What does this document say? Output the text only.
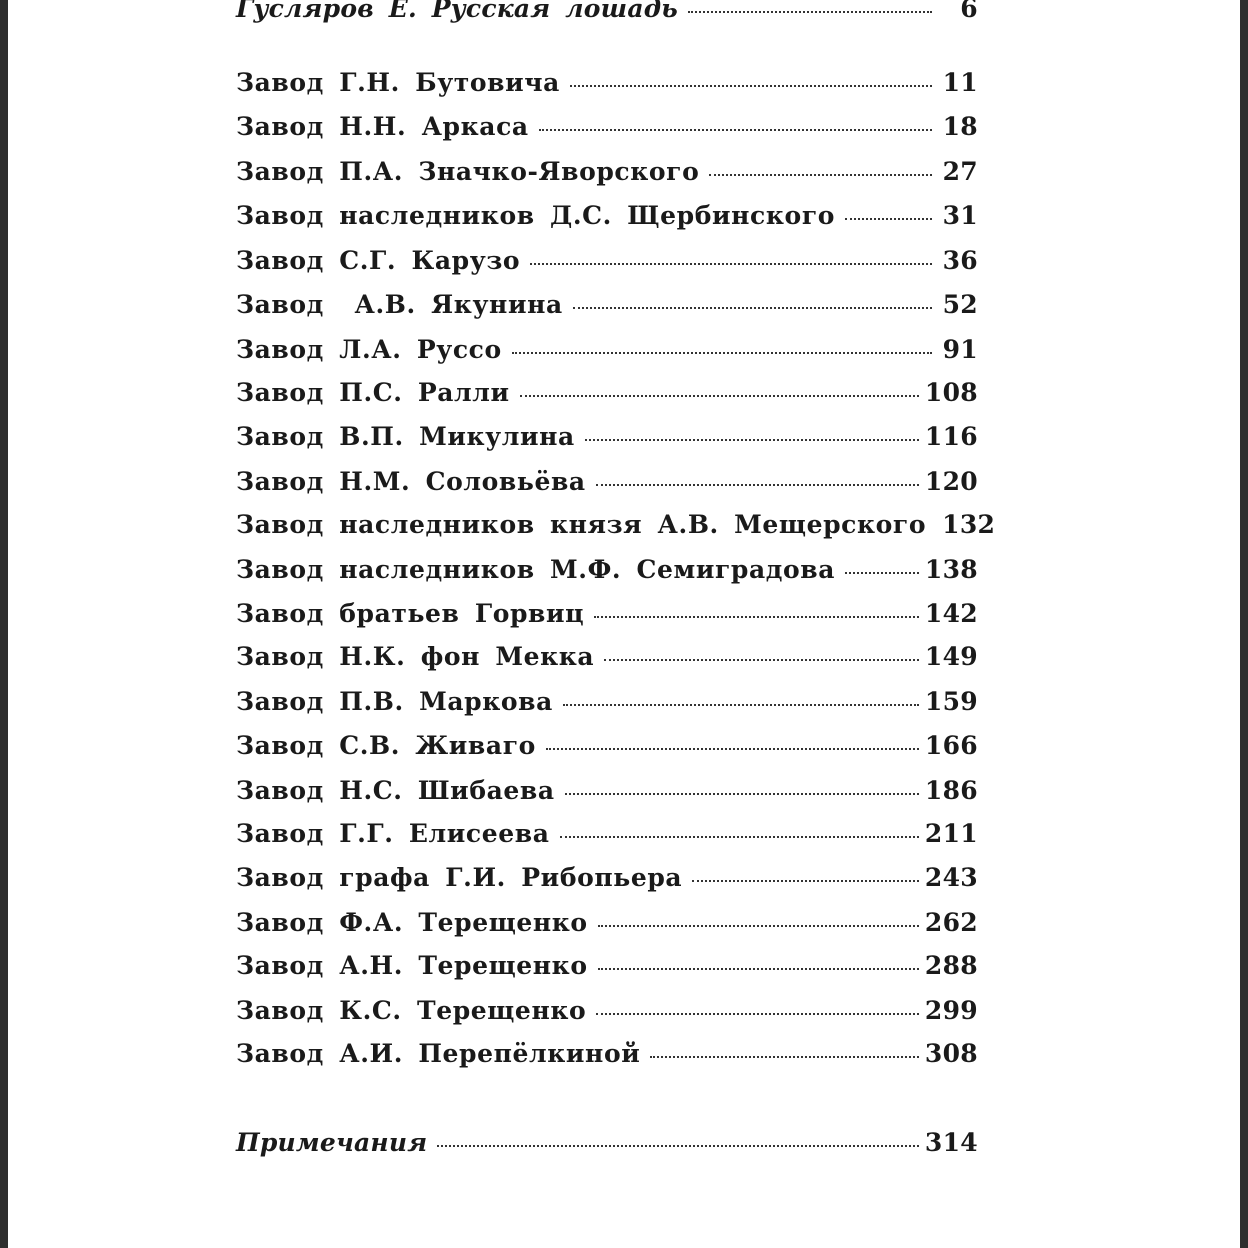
Гусляров Е. Русская лошадь	6
Завод Г.Н. Бутовича	11
Завод Н.Н. Аркаса	18
Завод П.А. Значко-Яворского	27
Завод наследников Д.С. Щербинского	31
Завод С.Г. Карузо	36
Завод  А.В. Якунина	52
Завод Л.А. Руссо	91
Завод П.С. Ралли	108
Завод В.П. Микулина	116
Завод Н.М. Соловьёва	120
Завод наследников князя А.В. Мещерского 132
Завод наследников М.Ф. Семиградова	138
Завод братьев Горвиц	142
Завод Н.К. фон Мекка	149
Завод П.В. Маркова	159
Завод С.В. Живаго	166
Завод Н.С. Шибаева	186
Завод Г.Г. Елисеева	211
Завод графа Г.И. Рибопьера	243
Завод Ф.А. Терещенко	262
Завод А.Н. Терещенко	288
Завод К.С. Терещенко	299
Завод А.И. Перепёлкиной	308
Примечания	314
